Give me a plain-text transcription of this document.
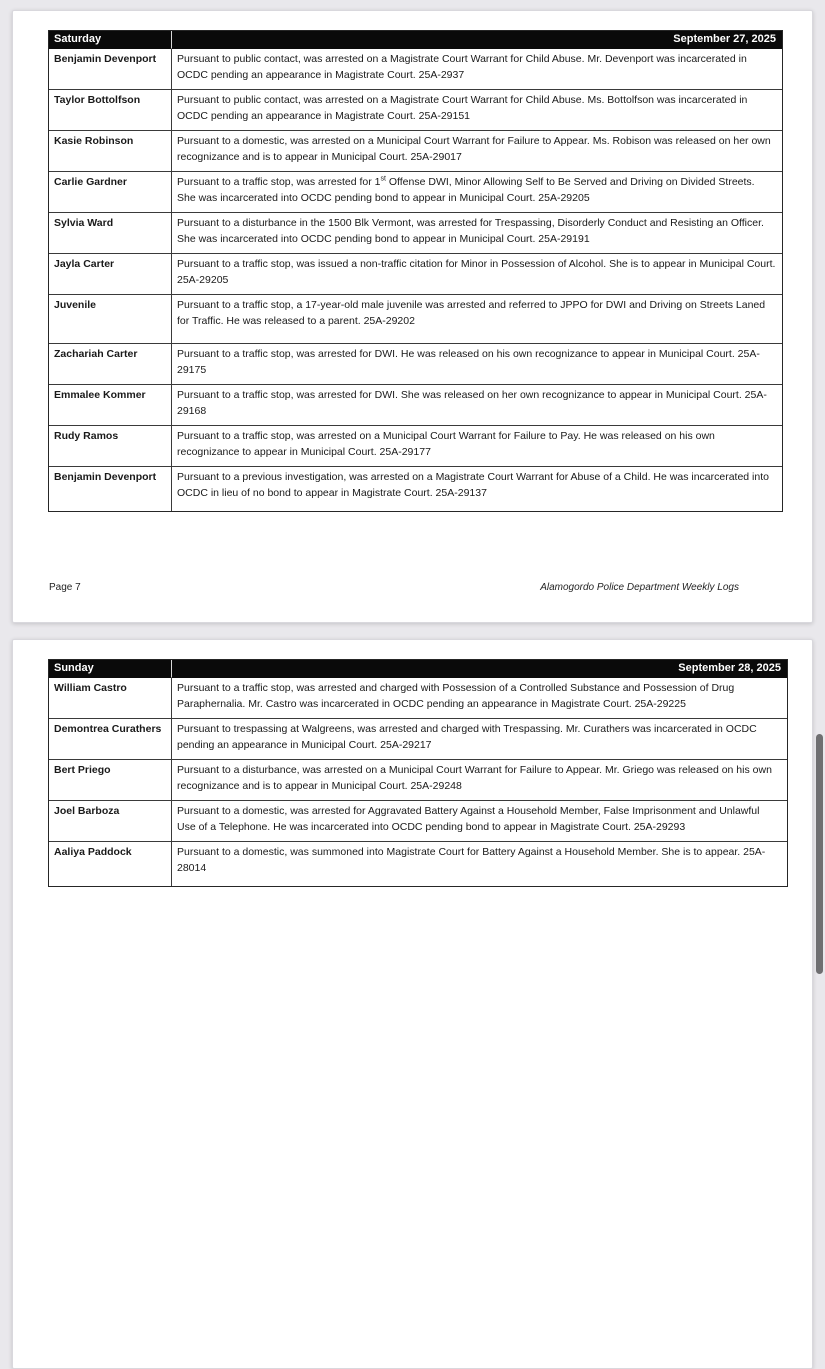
Saturday	September 27, 2025
Benjamin Devenport	Pursuant to public contact, was arrested on a Magistrate Court Warrant for Child Abuse. Mr. Devenport was incarcerated in OCDC pending an appearance in Magistrate Court. 25A-2937
Taylor Bottolfson	Pursuant to public contact, was arrested on a Magistrate Court Warrant for Child Abuse. Ms. Bottolfson was incarcerated in OCDC pending an appearance in Magistrate Court. 25A-29151
Kasie Robinson	Pursuant to a domestic, was arrested on a Municipal Court Warrant for Failure to Appear. Ms. Robison was released on her own recognizance and is to appear in Municipal Court. 25A-29017
Carlie Gardner	Pursuant to a traffic stop, was arrested for 1st Offense DWI, Minor Allowing Self to Be Served and Driving on Divided Streets. She was incarcerated into OCDC pending bond to appear in Municipal Court. 25A-29205
Sylvia Ward	Pursuant to a disturbance in the 1500 Blk Vermont, was arrested for Trespassing, Disorderly Conduct and Resisting an Officer. She was incarcerated into OCDC pending bond to appear in Municipal Court. 25A-29191
Jayla Carter	Pursuant to a traffic stop, was issued a non-traffic citation for Minor in Possession of Alcohol. She is to appear in Municipal Court. 25A-29205
Juvenile	Pursuant to a traffic stop, a 17-year-old male juvenile was arrested and referred to JPPO for DWI and Driving on Streets Laned for Traffic. He was released to a parent. 25A-29202
Zachariah Carter	Pursuant to a traffic stop, was arrested for DWI. He was released on his own recognizance to appear in Municipal Court. 25A-29175
Emmalee Kommer	Pursuant to a traffic stop, was arrested for DWI. She was released on her own recognizance to appear in Municipal Court. 25A-29168
Rudy Ramos	Pursuant to a traffic stop, was arrested on a Municipal Court Warrant for Failure to Pay. He was released on his own recognizance to appear in Municipal Court. 25A-29177
Benjamin Devenport	Pursuant to a previous investigation, was arrested on a Magistrate Court Warrant for Abuse of a Child. He was incarcerated into OCDC in lieu of no bond to appear in Magistrate Court. 25A-29137
Page 7	Alamogordo Police Department Weekly Logs
Sunday	September 28, 2025
William Castro	Pursuant to a traffic stop, was arrested and charged with Possession of a Controlled Substance and Possession of Drug Paraphernalia. Mr. Castro was incarcerated in OCDC pending an appearance in Magistrate Court. 25A-29225
Demontrea Curathers	Pursuant to trespassing at Walgreens, was arrested and charged with Trespassing. Mr. Curathers was incarcerated in OCDC pending an appearance in Municipal Court. 25A-29217
Bert Priego	Pursuant to a disturbance, was arrested on a Municipal Court Warrant for Failure to Appear. Mr. Griego was released on his own recognizance and is to appear in Municipal Court. 25A-29248
Joel Barboza	Pursuant to a domestic, was arrested for Aggravated Battery Against a Household Member, False Imprisonment and Unlawful Use of a Telephone. He was incarcerated into OCDC pending bond to appear in Magistrate Court. 25A-29293
Aaliya Paddock	Pursuant to a domestic, was summoned into Magistrate Court for Battery Against a Household Member. She is to appear. 25A-28014
